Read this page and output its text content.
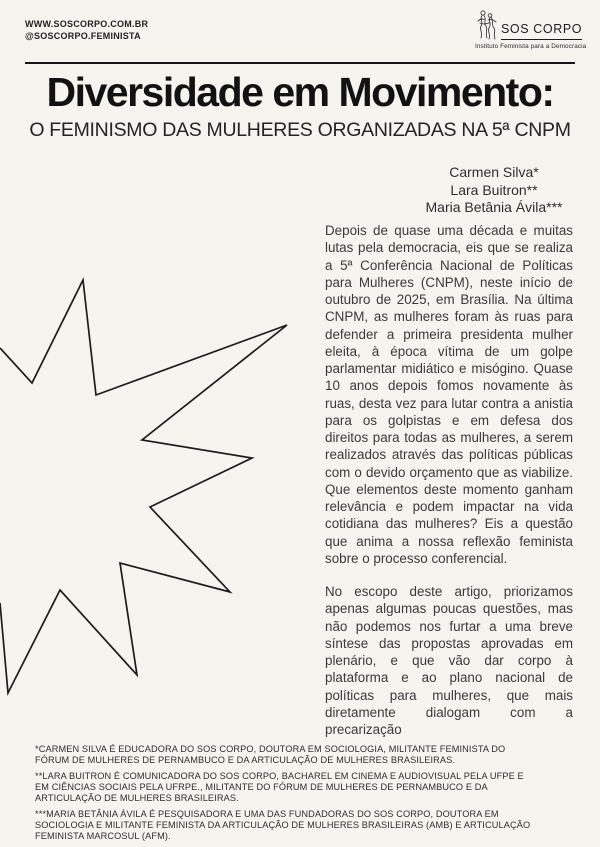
WWW.SOSCORPO.COM.BR
@SOSCORPO.FEMINISTA	SOS CORPO
Instituto Feminista para a Democracia
Diversidade em Movimento:
O FEMINISMO DAS MULHERES ORGANIZADAS NA 5ª CNPM
Carmen Silva*
Lara Buitron**
Maria Betânia Ávila***

Depois de quase uma década e muitas lutas pela democracia, eis que se realiza a 5ª Conferência Nacional de Políticas para Mulheres (CNPM), neste início de outubro de 2025, em Brasília. Na última CNPM, as mulheres foram às ruas para defender a primeira presidenta mulher eleita, à época vítima de um golpe parlamentar midiático e misógino. Quase 10 anos depois fomos novamente às ruas, desta vez para lutar contra a anistia para os golpistas e em defesa dos direitos para todas as mulheres, a serem realizados através das políticas públicas com o devido orçamento que as viabilize. Que elementos deste momento ganham relevância e podem impactar na vida cotidiana das mulheres? Eis a questão que anima a nossa reflexão feminista sobre o processo conferencial.

No escopo deste artigo, priorizamos apenas algumas poucas questões, mas não podemos nos furtar a uma breve síntese das propostas aprovadas em plenário, e que vão dar corpo à plataforma e ao plano nacional de políticas para mulheres, que mais diretamente dialogam com a precarização

*CARMEN SILVA É EDUCADORA DO SOS CORPO, DOUTORA EM SOCIOLOGIA, MILITANTE FEMINISTA DO FÓRUM DE MULHERES DE PERNAMBUCO E DA ARTICULAÇÃO DE MULHERES BRASILEIRAS.

**LARA BUITRON É COMUNICADORA DO SOS CORPO, BACHAREL EM CINEMA E AUDIOVISUAL PELA UFPE E EM CIÊNCIAS SOCIAIS PELA UFRPE., MILITANTE DO FÓRUM DE MULHERES DE PERNAMBUCO E DA ARTICULAÇÃO DE MULHERES BRASILEIRAS.

***MARIA BETÂNIA ÁVILA É PESQUISADORA E UMA DAS FUNDADORAS DO SOS CORPO, DOUTORA EM SOCIOLOGIA E MILITANTE FEMINISTA DA ARTICULAÇÃO DE MULHERES BRASILEIRAS (AMB) E ARTICULAÇÃO FEMINISTA MARCOSUL (AFM).
